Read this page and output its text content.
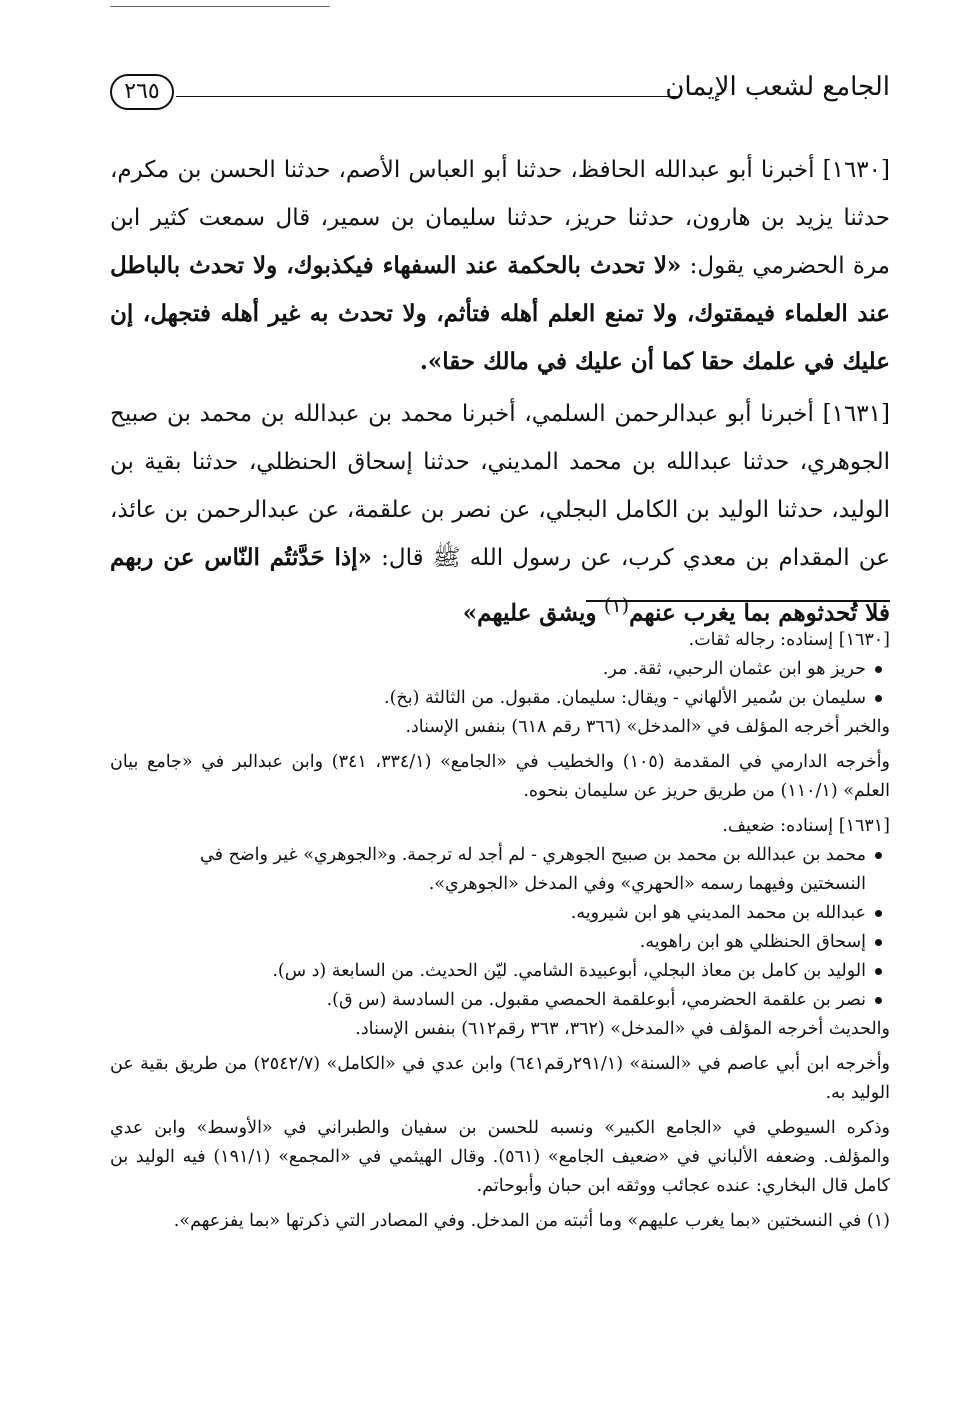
الجامع لشعب الإيمان
٢٦٥

[١٦٣٠] أخبرنا أبو عبدالله الحافظ، حدثنا أبو العباس الأصم، حدثنا الحسن بن مكرم، حدثنا يزيد بن هارون، حدثنا حريز، حدثنا سليمان بن سمير، قال سمعت كثير ابن مرة الحضرمي يقول: «لا تحدث بالحكمة عند السفهاء فيكذبوك، ولا تحدث بالباطل عند العلماء فيمقتوك، ولا تمنع العلم أهله فتأثم، ولا تحدث به غير أهله فتجهل، إن عليك في علمك حقا كما أن عليك في مالك حقا».

[١٦٣١] أخبرنا أبو عبدالرحمن السلمي، أخبرنا محمد بن عبدالله بن محمد بن صبيح الجوهري، حدثنا عبدالله بن محمد المديني، حدثنا إسحاق الحنظلي، حدثنا بقية بن الوليد، حدثنا الوليد بن الكامل البجلي، عن نصر بن علقمة، عن عبدالرحمن بن عائذ، عن المقدام بن معدي كرب، عن رسول الله ﷺ قال: «إذا حَدَّثتُم النّاس عن ربهم فلا تُحدثوهم بما يغرب عنهم$^{(١)}$ ويشق عليهم»

[١٦٣٠] إسناده: رجاله ثقات.

حريز هو ابن عثمان الرحبي، ثقة. مر.
سليمان بن سُمير الألهاني - ويقال: سليمان. مقبول. من الثالثة (بخ).

والخبر أخرجه المؤلف في «المدخل» (٣٦٦ رقم ٦١٨) بنفس الإسناد.

وأخرجه الدارمي في المقدمة (١٠٥) والخطيب في «الجامع» (٣٣٤/١، ٣٤١) وابن عبدالبر في «جامع بيان العلم» (١١٠/١) من طريق حريز عن سليمان بنحوه.

[١٦٣١] إسناده: ضعيف.

محمد بن عبدالله بن محمد بن صبيح الجوهري - لم أجد له ترجمة. و«الجوهري» غير واضح في
النسختين وفيهما رسمه «الحهري» وفي المدخل «الجوهري».
عبدالله بن محمد المديني هو ابن شيرويه.
إسحاق الحنظلي هو ابن راهويه.
الوليد بن كامل بن معاذ البجلي، أبوعبيدة الشامي. ليّن الحديث. من السابعة (د س).
نصر بن علقمة الحضرمي، أبوعلقمة الحمصي مقبول. من السادسة (س ق).

والحديث أخرجه المؤلف في «المدخل» (٣٦٢، ٣٦٣ رقم٦١٢) بنفس الإسناد.

وأخرجه ابن أبي عاصم في «السنة» (٢٩١/١رقم٦٤١) وابن عدي في «الكامل» (٢٥٤٢/٧) من طريق بقية عن الوليد به.

وذكره السيوطي في «الجامع الكبير» ونسبه للحسن بن سفيان والطبراني في «الأوسط» وابن عدي والمؤلف. وضعفه الألباني في «ضعيف الجامع» (٥٦١). وقال الهيثمي في «المجمع» (١٩١/١) فيه الوليد بن كامل قال البخاري: عنده عجائب ووثقه ابن حبان وأبوحاتم.

(١) في النسختين «بما يغرب عليهم» وما أثبته من المدخل. وفي المصادر التي ذكرتها «بما يفزعهم».
